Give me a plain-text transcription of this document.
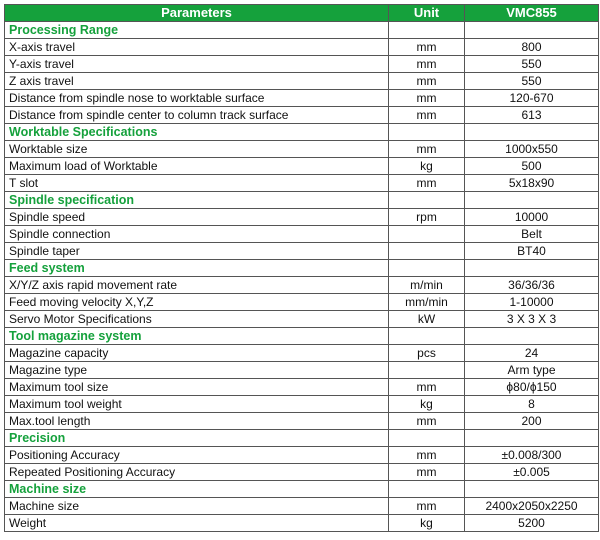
Parameters	Unit	VMC855
Processing Range		
X-axis travel	mm	800
Y-axis travel	mm	550
Z axis travel	mm	550
Distance from spindle nose to worktable surface	mm	120-670
Distance from spindle center to column track surface	mm	613
Worktable Specifications		
Worktable size	mm	1000x550
Maximum load of Worktable	kg	500
T slot	mm	5x18x90
Spindle specification		
Spindle speed	rpm	10000
Spindle connection		Belt
Spindle taper		BT40
Feed system		
X/Y/Z axis rapid movement rate	m/min	36/36/36
Feed moving velocity X,Y,Z	mm/min	1-10000
Servo Motor Specifications	kW	3 X 3 X 3
Tool magazine system		
Magazine capacity	pcs	24
Magazine type		Arm type
Maximum tool size	mm	ϕ80/ϕ150
Maximum tool weight	kg	8
Max.tool length	mm	200
Precision		
Positioning Accuracy	mm	±0.008/300
Repeated Positioning Accuracy	mm	±0.005
Machine size		
Machine size	mm	2400x2050x2250
Weight	kg	5200
